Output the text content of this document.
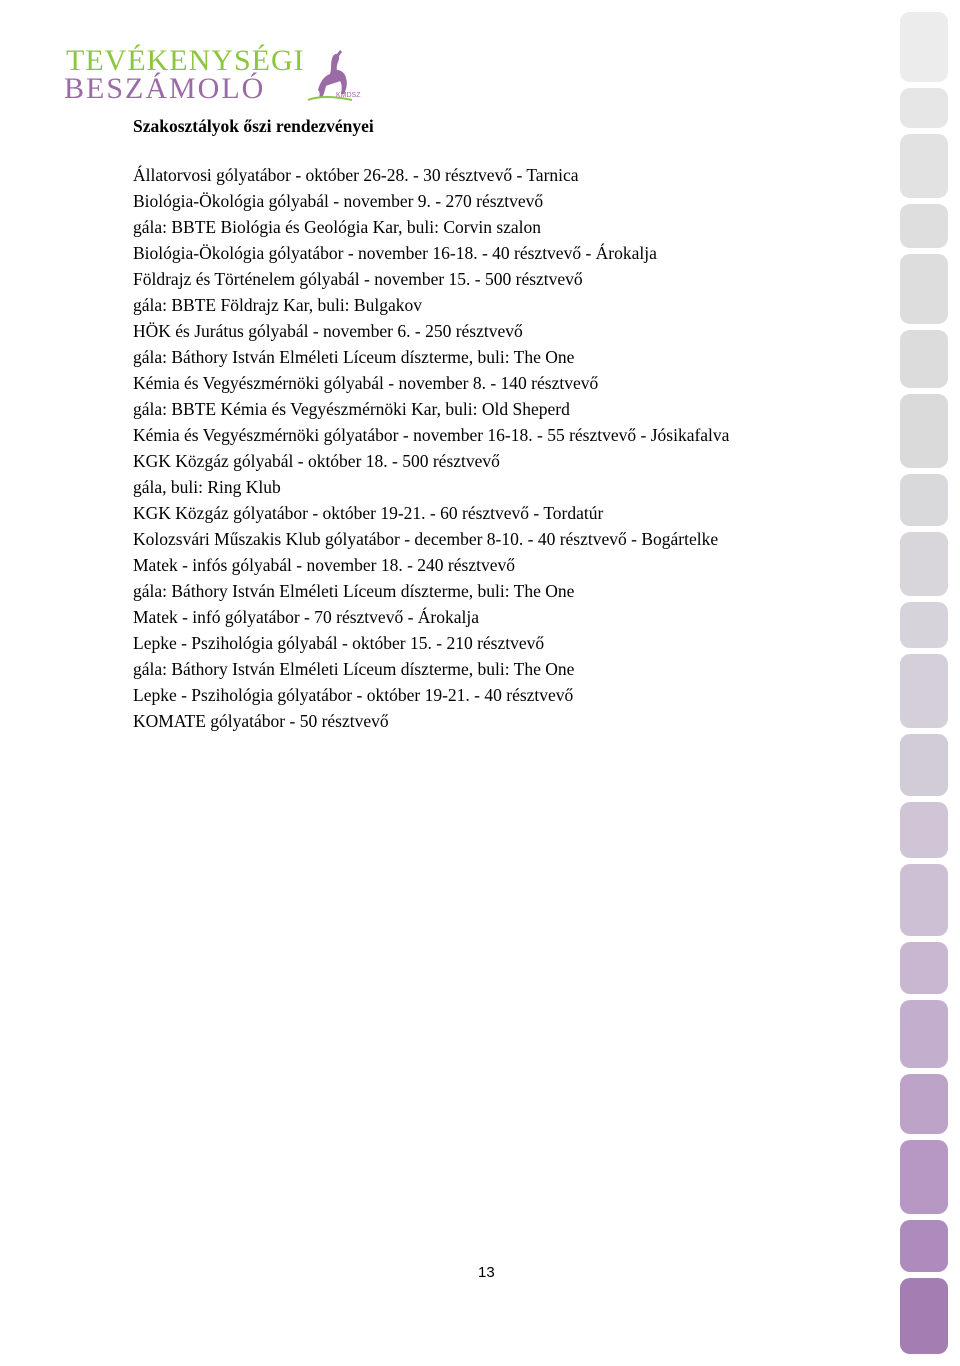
TEVÉKENYSÉGI
BESZÁMOLÓ	KMDSZ
Szakosztályok őszi rendezvényei
Állatorvosi gólyatábor - október 26-28. - 30 résztvevő - Tarnica
Biológia-Ökológia gólyabál - november 9. - 270 résztvevő
gála: BBTE Biológia és Geológia Kar, buli: Corvin szalon
Biológia-Ökológia gólyatábor - november 16-18. - 40 résztvevő - Árokalja
Földrajz és Történelem gólyabál - november 15. - 500 résztvevő
gála: BBTE Földrajz Kar, buli: Bulgakov
HÖK és Jurátus gólyabál - november 6. - 250 résztvevő
gála: Báthory István Elméleti Líceum díszterme, buli: The One
Kémia és Vegyészmérnöki gólyabál - november 8. - 140 résztvevő
gála: BBTE Kémia és Vegyészmérnöki Kar, buli: Old Sheperd
Kémia és Vegyészmérnöki gólyatábor - november 16-18. - 55 résztvevő - Jósikafalva
KGK Közgáz gólyabál - október 18. - 500 résztvevő
gála, buli: Ring Klub
KGK Közgáz gólyatábor - október 19-21. - 60 résztvevő - Tordatúr
Kolozsvári Műszakis Klub gólyatábor - december 8-10. - 40 résztvevő - Bogártelke
Matek - infós gólyabál - november 18. - 240 résztvevő
gála: Báthory István Elméleti Líceum díszterme, buli: The One
Matek - infó gólyatábor - 70 résztvevő - Árokalja
Lepke - Pszihológia gólyabál - október 15. - 210 résztvevő
gála: Báthory István Elméleti Líceum díszterme, buli: The One
Lepke - Pszihológia gólyatábor - október 19-21. - 40 résztvevő
KOMATE gólyatábor - 50 résztvevő
13
